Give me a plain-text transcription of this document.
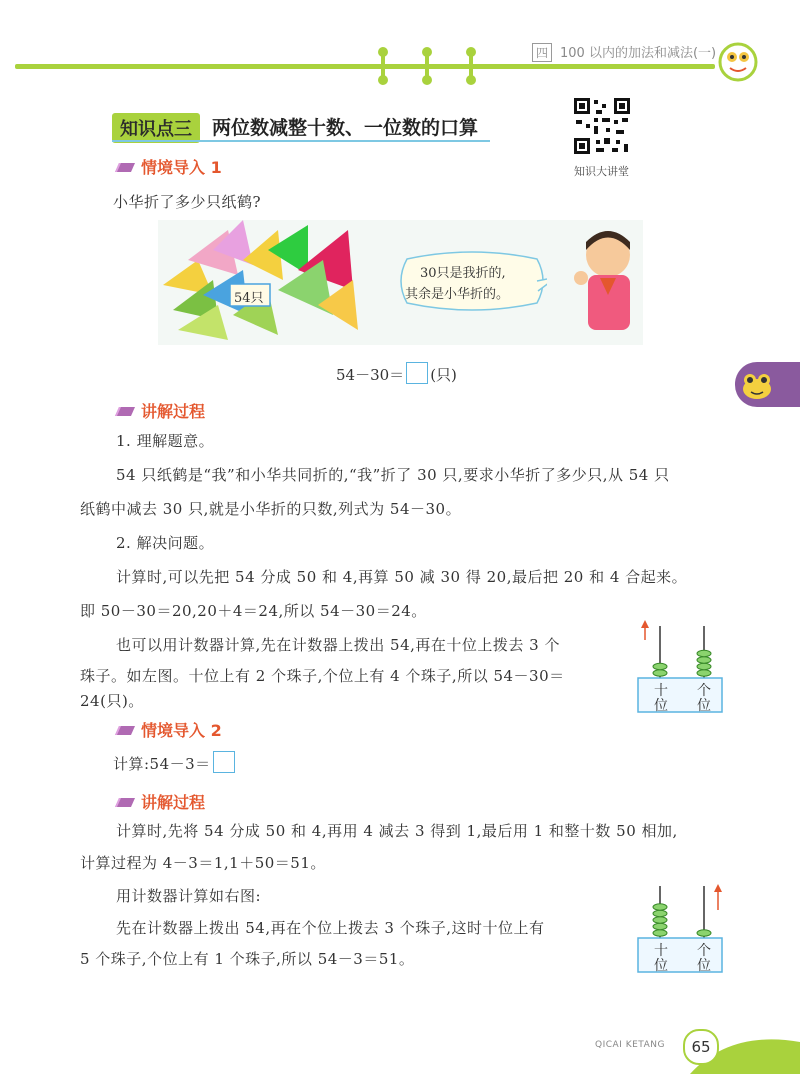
四 100 以内的加法和减法(一)
知识点三	两位数减整十数、一位数的口算
知识大讲堂
情境导入 1
小华折了多少只纸鹤?
54只
30只是我折的,
其余是小华折的。
54－30＝ (只)
讲解过程
1. 理解题意。
54 只纸鹤是“我”和小华共同折的,“我”折了 30 只,要求小华折了多少只,从 54 只
纸鹤中减去 30 只,就是小华折的只数,列式为 54－30。
2. 解决问题。
计算时,可以先把 54 分成 50 和 4,再算 50 减 30 得 20,最后把 20 和 4 合起来。
即 50－30＝20,20＋4＝24,所以 54－30＝24。
也可以用计数器计算,先在计数器上拨出 54,再在十位上拨去 3 个
珠子。如左图。十位上有 2 个珠子,个位上有 4 个珠子,所以 54－30＝
24(只)。
十
位
个
位
情境导入 2
计算:54－3＝
讲解过程
计算时,先将 54 分成 50 和 4,再用 4 减去 3 得到 1,最后用 1 和整十数 50 相加,
计算过程为 4－3＝1,1＋50＝51。
用计数器计算如右图:
先在计数器上拨出 54,再在个位上拨去 3 个珠子,这时十位上有
5 个珠子,个位上有 1 个珠子,所以 54－3＝51。	十
位
个
位
QICAI KETANG	65
